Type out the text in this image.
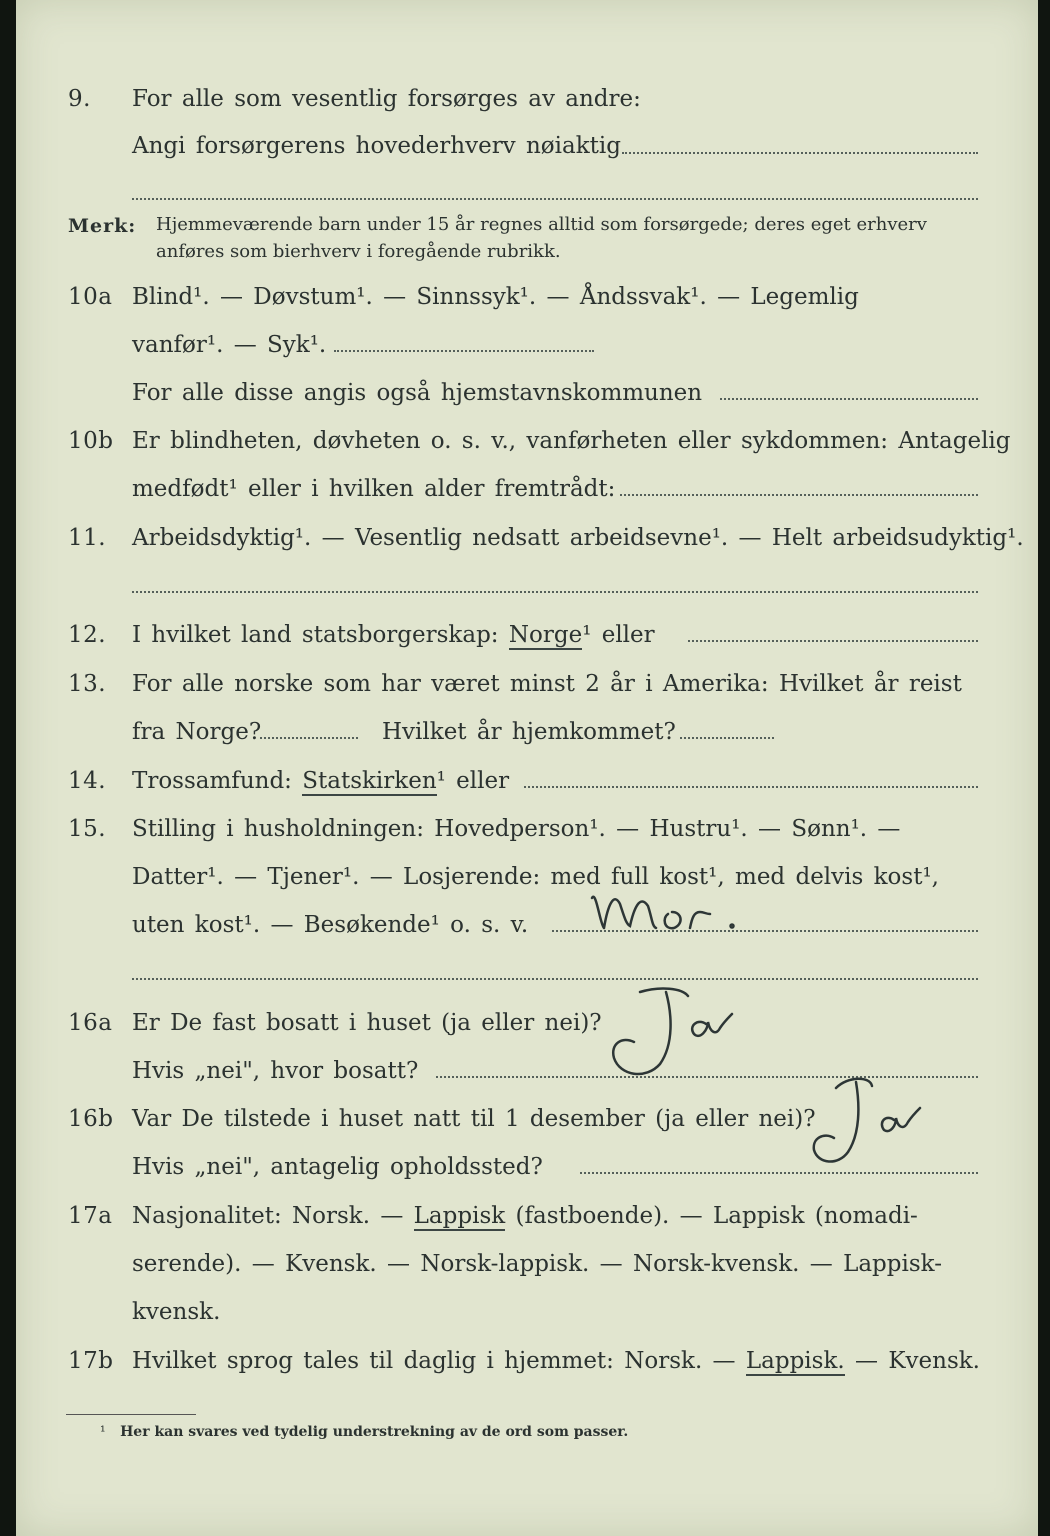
9. For alle som vesentlig forsørges av andre:
Angi forsørgerens hovederhverv nøiaktig
Merk: Hjemmeværende barn under 15 år regnes alltid som forsørgede; deres eget erhverv
anføres som bierhverv i foregående rubrikk.
10a Blind¹. — Døvstum¹. — Sinnssyk¹. — Åndssvak¹. — Legemlig
vanfør¹. — Syk¹.
For alle disse angis også hjemstavnskommunen
10b Er blindheten, døvheten o. s. v., vanførheten eller sykdommen: Antagelig
medfødt¹ eller i hvilken alder fremtrådt:
11. Arbeidsdyktig¹. — Vesentlig nedsatt arbeidsevne¹. — Helt arbeidsudyktig¹.
12. I hvilket land statsborgerskap: Norge¹ eller
13. For alle norske som har været minst 2 år i Amerika: Hvilket år reist
fra Norge?	Hvilket år hjemkommet?
14. Trossamfund: Statskirken¹ eller
15. Stilling i husholdningen: Hovedperson¹. — Hustru¹. — Sønn¹. —
Datter¹. — Tjener¹. — Losjerende: med full kost¹, med delvis kost¹,
uten kost¹. — Besøkende¹ o. s. v.
16a Er De fast bosatt i huset (ja eller nei)?
Hvis „nei", hvor bosatt?
16b Var De tilstede i huset natt til 1 desember (ja eller nei)?
Hvis „nei", antagelig opholdssted?
17a Nasjonalitet: Norsk. — Lappisk (fastboende). — Lappisk (nomadi-
serende). — Kvensk. — Norsk-lappisk. — Norsk-kvensk. — Lappisk-
kvensk.
17b Hvilket sprog tales til daglig i hjemmet: Norsk. — Lappisk. — Kvensk.
¹ Her kan svares ved tydelig understrekning av de ord som passer.
